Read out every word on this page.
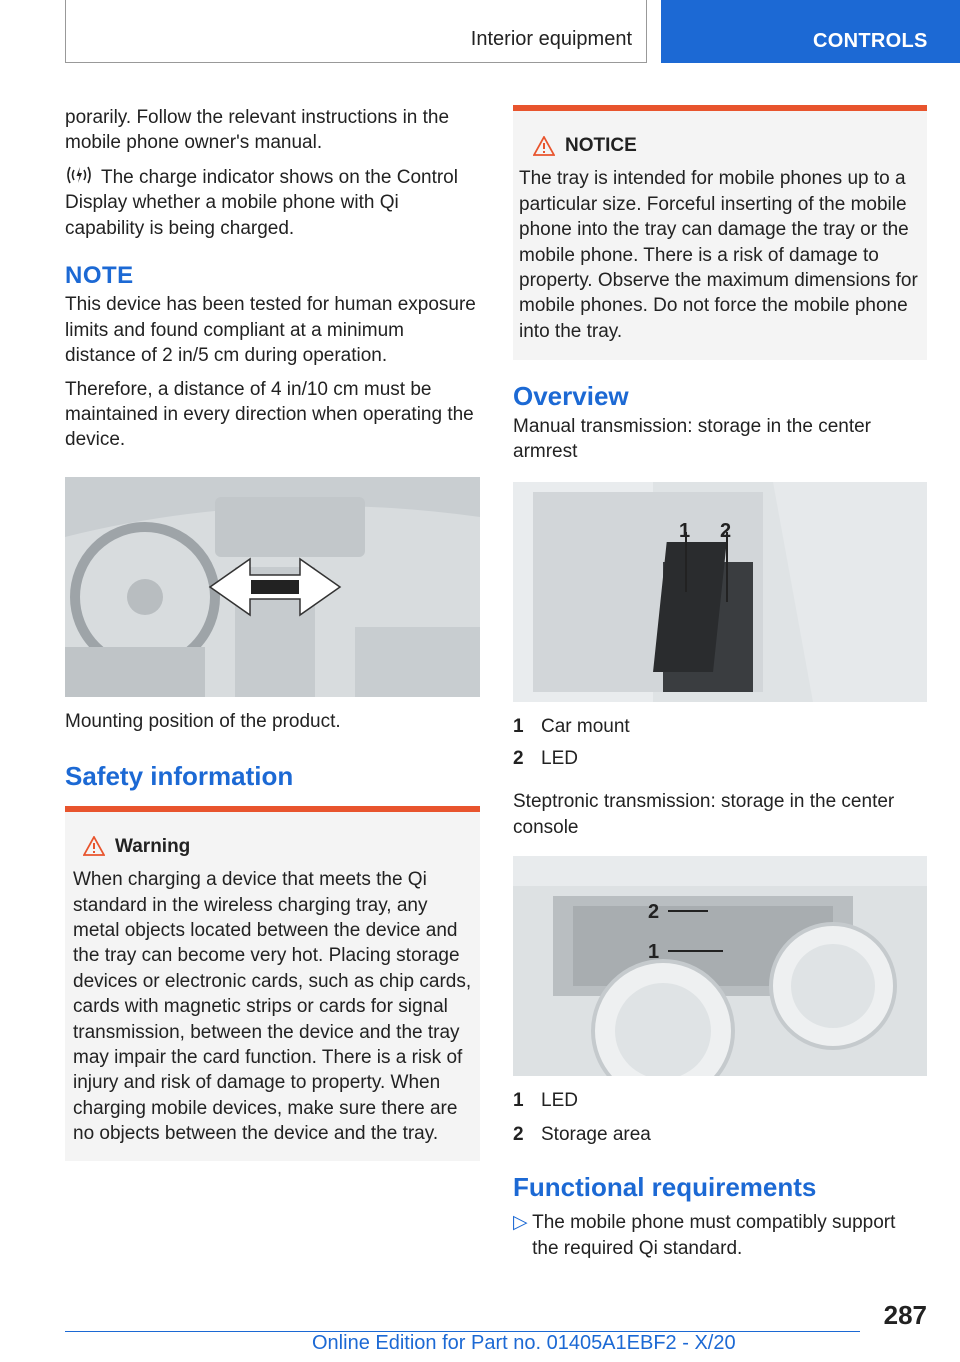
Interior equipment	CONTROLS

porarily. Follow the relevant instructions in the mobile phone owner's manual.

The charge indicator shows on the Control Display whether a mobile phone with Qi capability is being charged.

NOTE

This device has been tested for human exposure limits and found compliant at a minimum distance of 2 in/5 cm during operation.

Therefore, a distance of 4 in/10 cm must be maintained in every direction when operating the device.

Mounting position of the product.

Safety information
Warning

When charging a device that meets the Qi standard in the wireless charging tray, any metal objects located between the device and the tray can become very hot. Placing storage devices or electronic cards, such as chip cards, cards with magnetic strips or cards for signal transmission, between the device and the tray may impair the card function. There is a risk of injury and risk of damage to property. When charging mobile devices, make sure there are no objects between the device and the tray.

NOTICE

The tray is intended for mobile phones up to a particular size. Forceful inserting of the mobile phone into the tray can damage the tray or the mobile phone. There is a risk of damage to property. Observe the maximum dimensions for mobile phones. Do not force the mobile phone into the tray.

Overview

Manual transmission: storage in the center armrest

1 2
1 Car mount
2 LED

Steptronic transmission: storage in the center console

2
1
1 LED
2 Storage area
Functional requirements
▷ The mobile phone must compatibly support the required Qi standard.
287
Online Edition for Part no. 01405A1EBF2 - X/20
